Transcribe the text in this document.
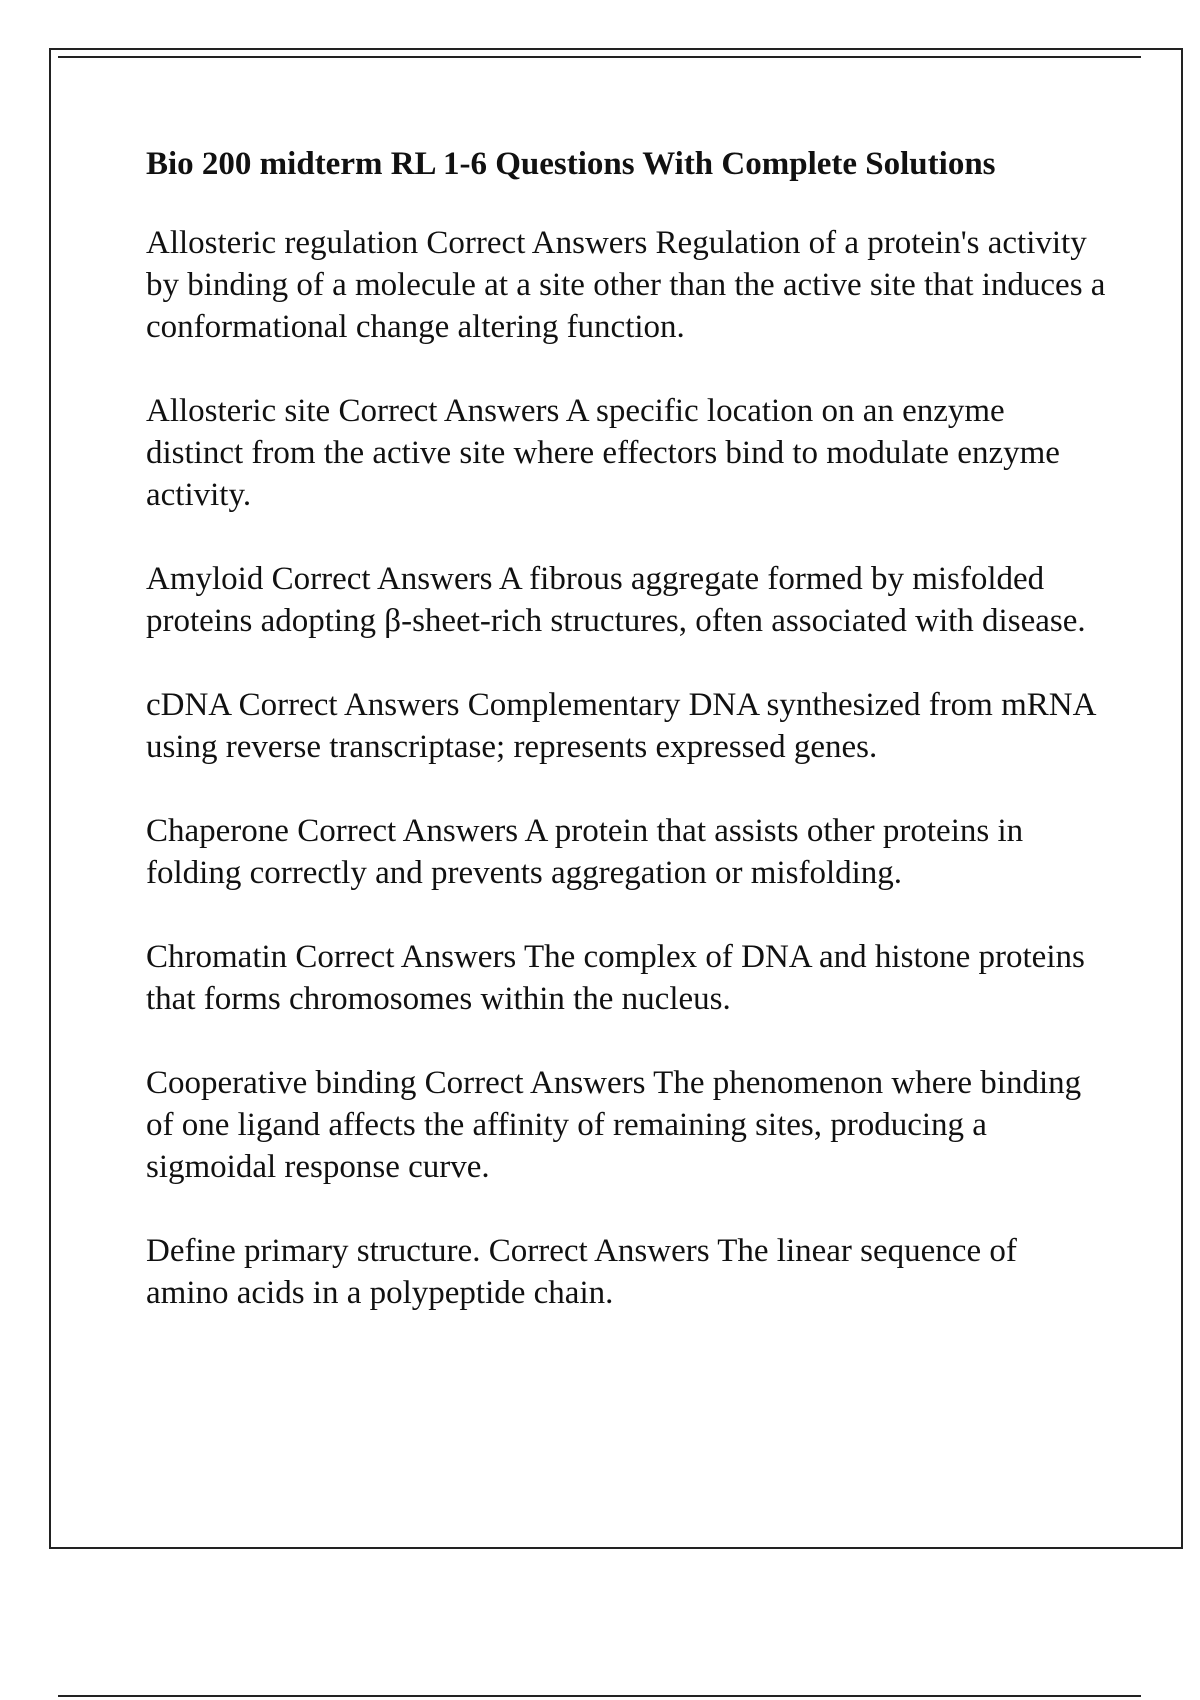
Bio 200 midterm RL 1-6 Questions With Complete Solutions

Allosteric regulation Correct Answers Regulation of a protein's activity by binding of a molecule at a site other than the active site that induces a conformational change altering function.

Allosteric site Correct Answers A specific location on an enzyme distinct from the active site where effectors bind to modulate enzyme activity.

Amyloid Correct Answers A fibrous aggregate formed by misfolded proteins adopting β-sheet-rich structures, often associated with disease.

cDNA Correct Answers Complementary DNA synthesized from mRNA using reverse transcriptase; represents expressed genes.

Chaperone Correct Answers A protein that assists other proteins in folding correctly and prevents aggregation or misfolding.

Chromatin Correct Answers The complex of DNA and histone proteins that forms chromosomes within the nucleus.

Cooperative binding Correct Answers The phenomenon where binding of one ligand affects the affinity of remaining sites, producing a sigmoidal response curve.

Define primary structure. Correct Answers The linear sequence of amino acids in a polypeptide chain.
